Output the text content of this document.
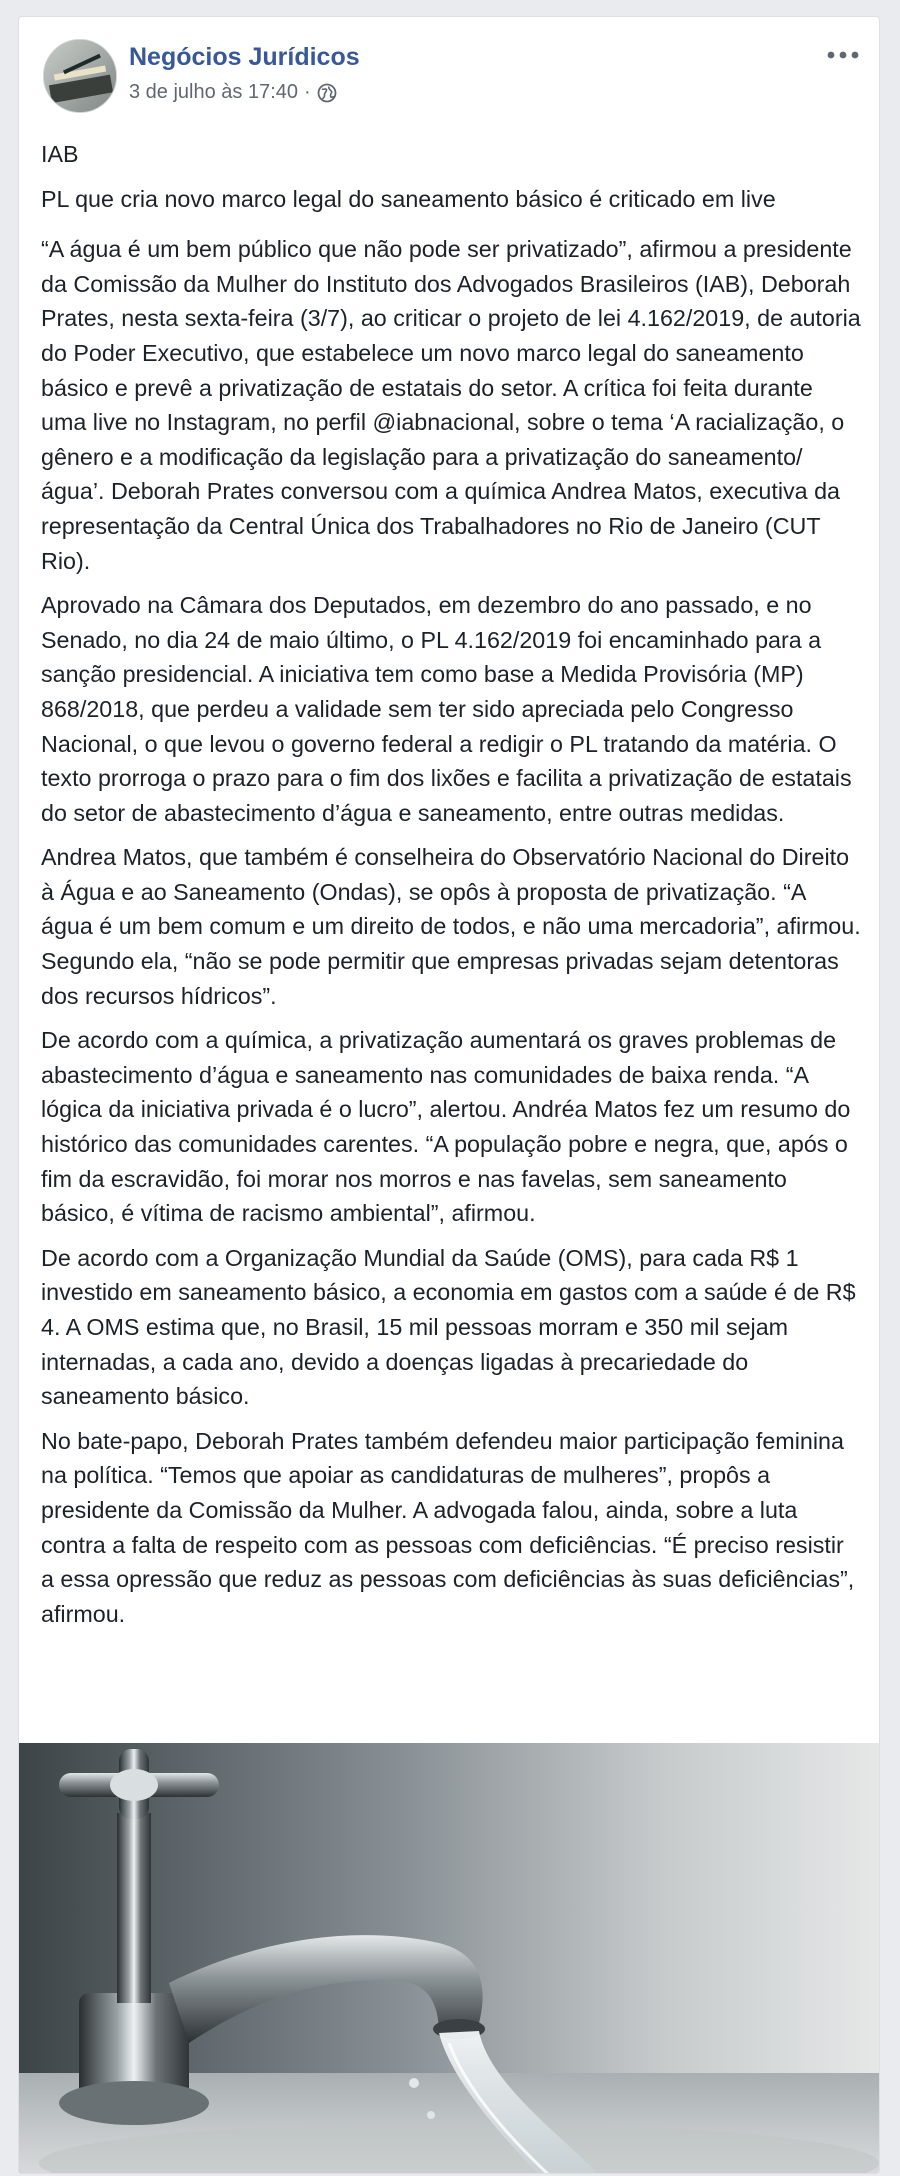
Negócios Jurídicos
3 de julho às 17:40 ·

IAB

PL que cria novo marco legal do saneamento básico é criticado em live

“A água é um bem público que não pode ser privatizado”, afirmou a presidente da Comissão da Mulher do Instituto dos Advogados Brasileiros (IAB), Deborah Prates, nesta sexta-feira (3/7), ao criticar o projeto de lei 4.162/2019, de autoria do Poder Executivo, que estabelece um novo marco legal do saneamento básico e prevê a privatização de estatais do setor. A crítica foi feita durante uma live no Instagram, no perfil @iabnacional, sobre o tema ‘A racialização, o gênero e a modificação da legislação para a privatização do saneamento/água’. Deborah Prates conversou com a química Andrea Matos, executiva da representação da Central Única dos Trabalhadores no Rio de Janeiro (CUT Rio).

Aprovado na Câmara dos Deputados, em dezembro do ano passado, e no Senado, no dia 24 de maio último, o PL 4.162/2019 foi encaminhado para a sanção presidencial. A iniciativa tem como base a Medida Provisória (MP) 868/2018, que perdeu a validade sem ter sido apreciada pelo Congresso Nacional, o que levou o governo federal a redigir o PL tratando da matéria. O texto prorroga o prazo para o fim dos lixões e facilita a privatização de estatais do setor de abastecimento d’água e saneamento, entre outras medidas.

Andrea Matos, que também é conselheira do Observatório Nacional do Direito à Água e ao Saneamento (Ondas), se opôs à proposta de privatização. “A água é um bem comum e um direito de todos, e não uma mercadoria”, afirmou. Segundo ela, “não se pode permitir que empresas privadas sejam detentoras dos recursos hídricos”.

De acordo com a química, a privatização aumentará os graves problemas de abastecimento d’água e saneamento nas comunidades de baixa renda. “A lógica da iniciativa privada é o lucro”, alertou. Andréa Matos fez um resumo do histórico das comunidades carentes. “A população pobre e negra, que, após o fim da escravidão, foi morar nos morros e nas favelas, sem saneamento básico, é vítima de racismo ambiental”, afirmou.

De acordo com a Organização Mundial da Saúde (OMS), para cada R$ 1 investido em saneamento básico, a economia em gastos com a saúde é de R$ 4. A OMS estima que, no Brasil, 15 mil pessoas morram e 350 mil sejam internadas, a cada ano, devido a doenças ligadas à precariedade do saneamento básico.

No bate-papo, Deborah Prates também defendeu maior participação feminina na política. “Temos que apoiar as candidaturas de mulheres”, propôs a presidente da Comissão da Mulher. A advogada falou, ainda, sobre a luta contra a falta de respeito com as pessoas com deficiências. “É preciso resistir a essa opressão que reduz as pessoas com deficiências às suas deficiências”, afirmou.
